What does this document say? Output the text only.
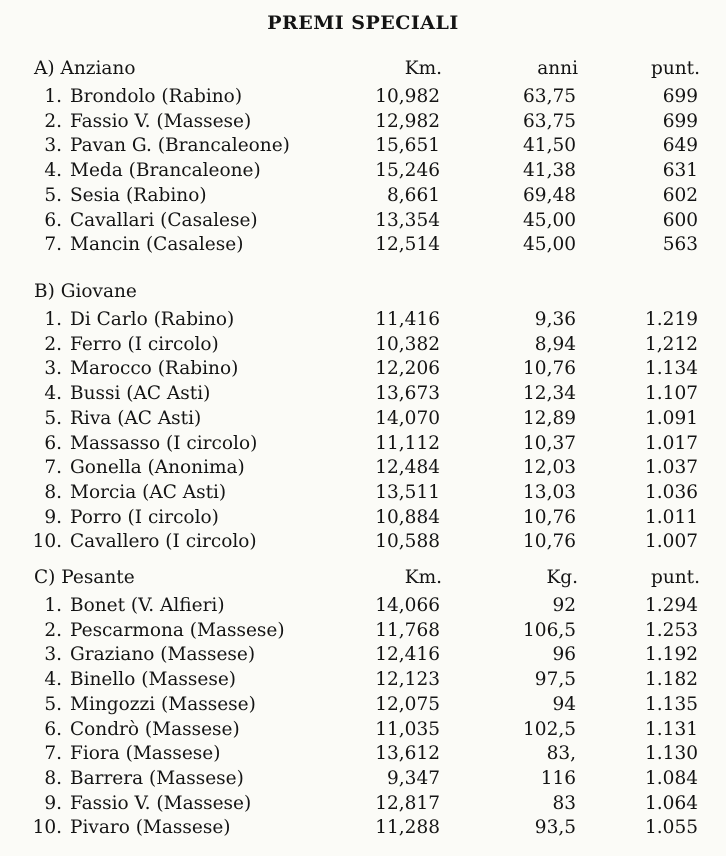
PREMI SPECIALI
A) Anziano	Km.	anni	punt.
1. Brondolo (Rabino)	10,982	63,75	699
2. Fassio V. (Massese)	12,982	63,75	699
3. Pavan G. (Brancaleone)	15,651	41,50	649
4. Meda (Brancaleone)	15,246	41,38	631
5. Sesia (Rabino)	8,661	69,48	602
6. Cavallari (Casalese)	13,354	45,00	600
7. Mancin (Casalese)	12,514	45,00	563
B) Giovane
1. Di Carlo (Rabino)	11,416	9,36	1.219
2. Ferro (I circolo)	10,382	8,94	1,212
3. Marocco (Rabino)	12,206	10,76	1.134
4. Bussi (AC Asti)	13,673	12,34	1.107
5. Riva (AC Asti)	14,070	12,89	1.091
6. Massasso (I circolo)	11,112	10,37	1.017
7. Gonella (Anonima)	12,484	12,03	1.037
8. Morcia (AC Asti)	13,511	13,03	1.036
9. Porro (I circolo)	10,884	10,76	1.011
10. Cavallero (I circolo)	10,588	10,76	1.007
C) Pesante	Km.	Kg.	punt.
1. Bonet (V. Alfieri)	14,066	92	1.294
2. Pescarmona (Massese)	11,768	106,5	1.253
3. Graziano (Massese)	12,416	96	1.192
4. Binello (Massese)	12,123	97,5	1.182
5. Mingozzi (Massese)	12,075	94	1.135
6. Condrò (Massese)	11,035	102,5	1.131
7. Fiora (Massese)	13,612	83,	1.130
8. Barrera (Massese)	9,347	116	1.084
9. Fassio V. (Massese)	12,817	83	1.064
10. Pivaro (Massese)	11,288	93,5	1.055
